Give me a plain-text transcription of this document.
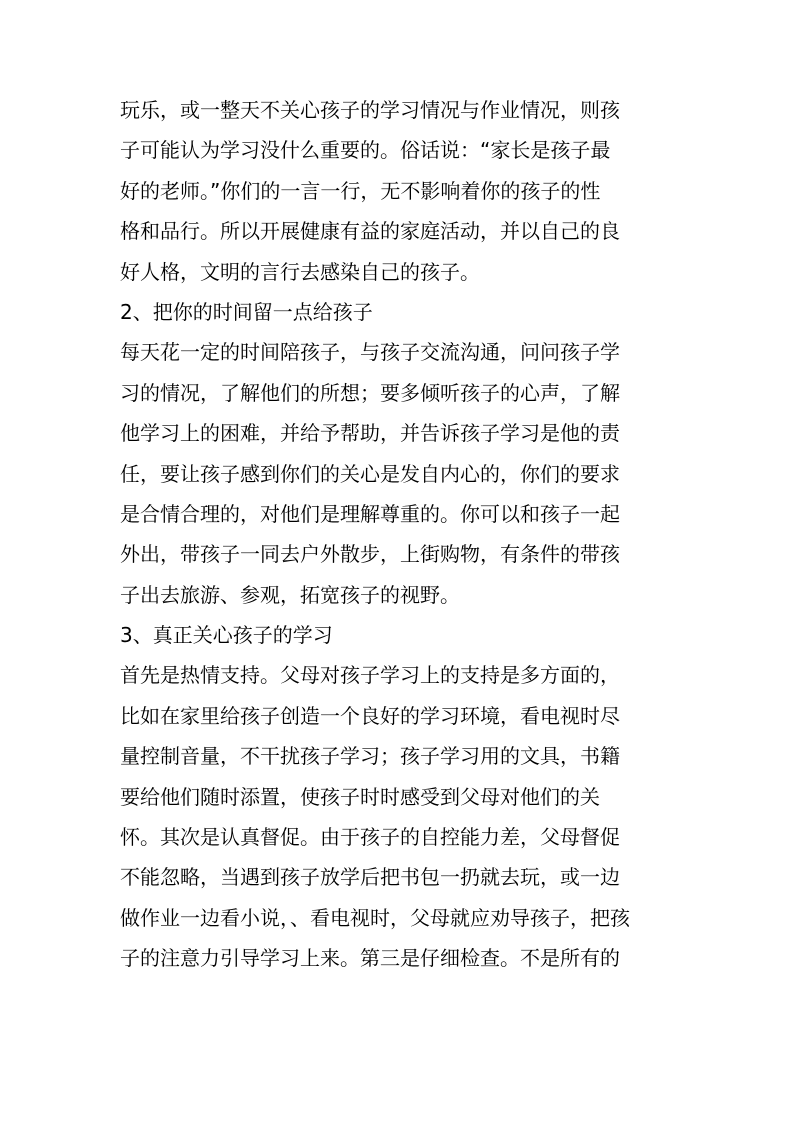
玩乐，或一整天不关心孩子的学习情况与作业情况，则孩
子可能认为学习没什么重要的。俗话说：“家长是孩子最
好的老师。”你们的一言一行，无不影响着你的孩子的性
格和品行。所以开展健康有益的家庭活动，并以自己的良
好人格，文明的言行去感染自己的孩子。
2、把你的时间留一点给孩子
每天花一定的时间陪孩子，与孩子交流沟通，问问孩子学
习的情况，了解他们的所想；要多倾听孩子的心声，了解
他学习上的困难，并给予帮助，并告诉孩子学习是他的责
任，要让孩子感到你们的关心是发自内心的，你们的要求
是合情合理的，对他们是理解尊重的。你可以和孩子一起
外出，带孩子一同去户外散步，上街购物，有条件的带孩
子出去旅游、参观，拓宽孩子的视野。
3、真正关心孩子的学习
首先是热情支持。父母对孩子学习上的支持是多方面的，
比如在家里给孩子创造一个良好的学习环境，看电视时尽
量控制音量，不干扰孩子学习；孩子学习用的文具，书籍
要给他们随时添置，使孩子时时感受到父母对他们的关
怀。其次是认真督促。由于孩子的自控能力差，父母督促
不能忽略，当遇到孩子放学后把书包一扔就去玩，或一边
做作业一边看小说，、看电视时，父母就应劝导孩子，把孩
子的注意力引导学习上来。第三是仔细检查。不是所有的
